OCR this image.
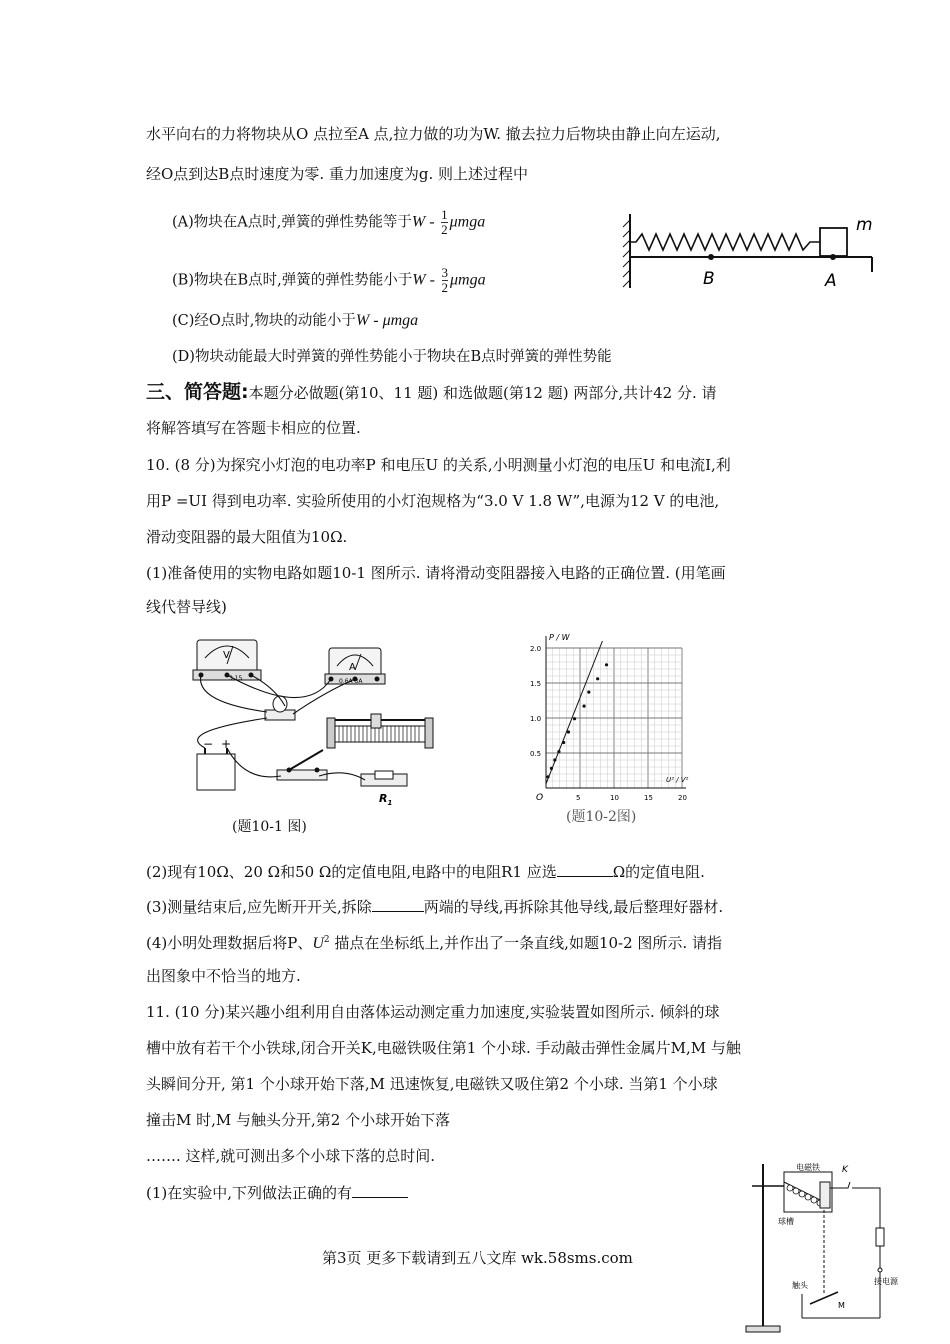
水平向右的力将物块从O 点拉至A 点,拉力做的功为W. 撤去拉力后物块由静止向左运动,
经O点到达B点时速度为零. 重力加速度为g. 则上述过程中
(A)物块在A点时,弹簧的弹性势能等于W - $\frac{1}{2}$ μmga
(B)物块在B点时,弹簧的弹性势能小于W - $\frac{3}{2}$ μmga
(C)经O点时,物块的动能小于W - μmga
(D)物块动能最大时弹簧的弹性势能小于物块在B点时弹簧的弹性势能
m
B	A
三、简答题:本题分必做题(第10、11 题) 和选做题(第12 题) 两部分,共计42 分. 请
将解答填写在答题卡相应的位置.
10. (8 分)为探究小灯泡的电功率P 和电压U 的关系,小明测量小灯泡的电压U 和电流I,利
用P =UI 得到电功率. 实验所使用的小灯泡规格为“3.0 V 1.8 W”,电源为12 V 的电池,
滑动变阻器的最大阻值为10Ω.
(1)准备使用的实物电路如题10-1 图所示. 请将滑动变阻器接入电路的正确位置. (用笔画
线代替导线)
V
3 15
A
0.6A 3A
− +
$R_1$
(题10-1 图)
P / W
U² / V²
O	5	10	15	20
0.5
1.0
1.5
2.0
(题10-2图)
(2)现有10Ω、20 Ω和50 Ω的定值电阻,电路中的电阻R1 应选	Ω的定值电阻.
(3)测量结束后,应先断开开关,拆除	两端的导线,再拆除其他导线,最后整理好器材.
(4)小明处理数据后将P、$U^2$ 描点在坐标纸上,并作出了一条直线,如题10-2 图所示. 请指
出图象中不恰当的地方.
11. (10 分)某兴趣小组利用自由落体运动测定重力加速度,实验装置如图所示. 倾斜的球
槽中放有若干个小铁球,闭合开关K,电磁铁吸住第1 个小球. 手动敲击弹性金属片M,M 与触
头瞬间分开, 第1 个小球开始下落,M 迅速恢复,电磁铁又吸住第2 个小球. 当第1 个小球
撞击M 时,M 与触头分开,第2 个小球开始下落
……. 这样,就可测出多个小球下落的总时间.
(1)在实验中,下列做法正确的有
电磁铁 K
球槽
接电源
触头
M
第3页 更多下载请到五八文库 wk.58sms.com
